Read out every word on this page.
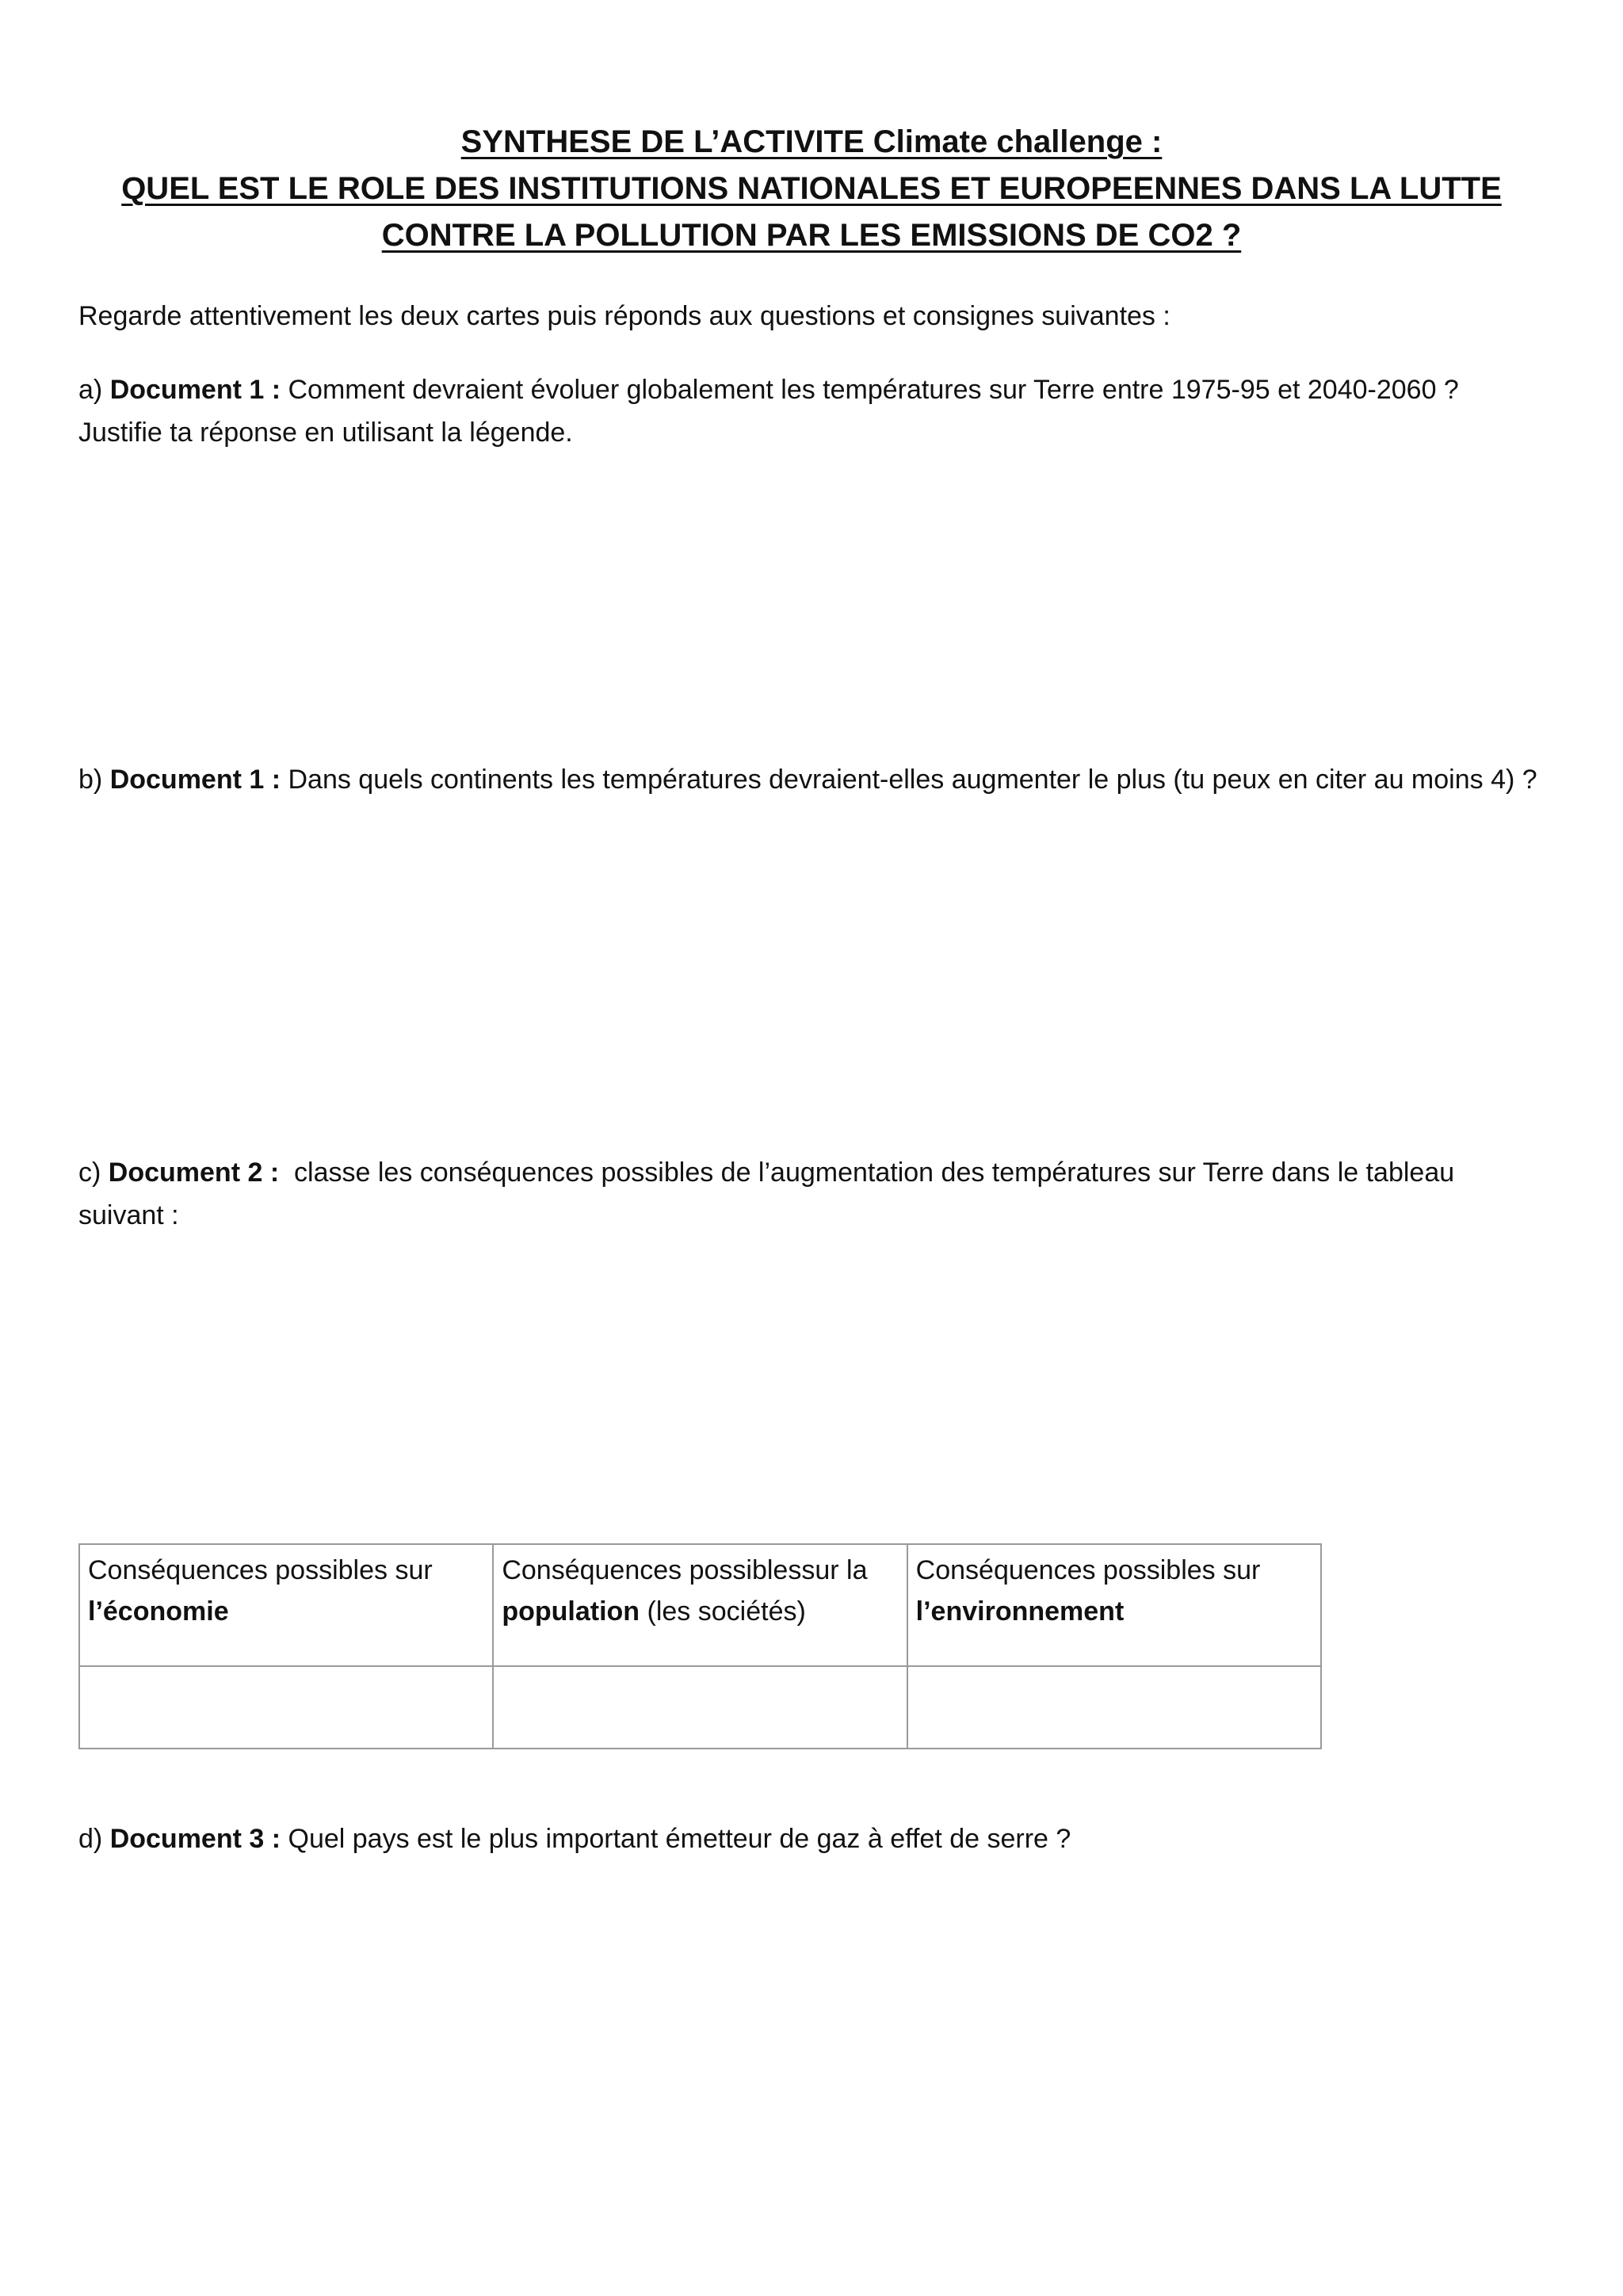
SYNTHESE DE L’ACTIVITE Climate challenge :
QUEL EST LE ROLE DES INSTITUTIONS NATIONALES ET EUROPEENNES DANS LA LUTTE
CONTRE LA POLLUTION PAR LES EMISSIONS DE CO2 ?
Regarde attentivement les deux cartes puis réponds aux questions et consignes suivantes :
a) Document 1 : Comment devraient évoluer globalement les températures sur Terre entre 1975-95 et 2040-2060 ? Justifie ta réponse en utilisant la légende.
b) Document 1 : Dans quels continents les températures devraient-elles augmenter le plus (tu peux en citer au moins 4) ?
c) Document 2 :  classe les conséquences possibles de l’augmentation des températures sur Terre dans le tableau suivant :
Conséquences possibles sur l’économie	Conséquences possiblessur la population (les sociétés)	Conséquences possibles sur l’environnement

d) Document 3 : Quel pays est le plus important émetteur de gaz à effet de serre ?
